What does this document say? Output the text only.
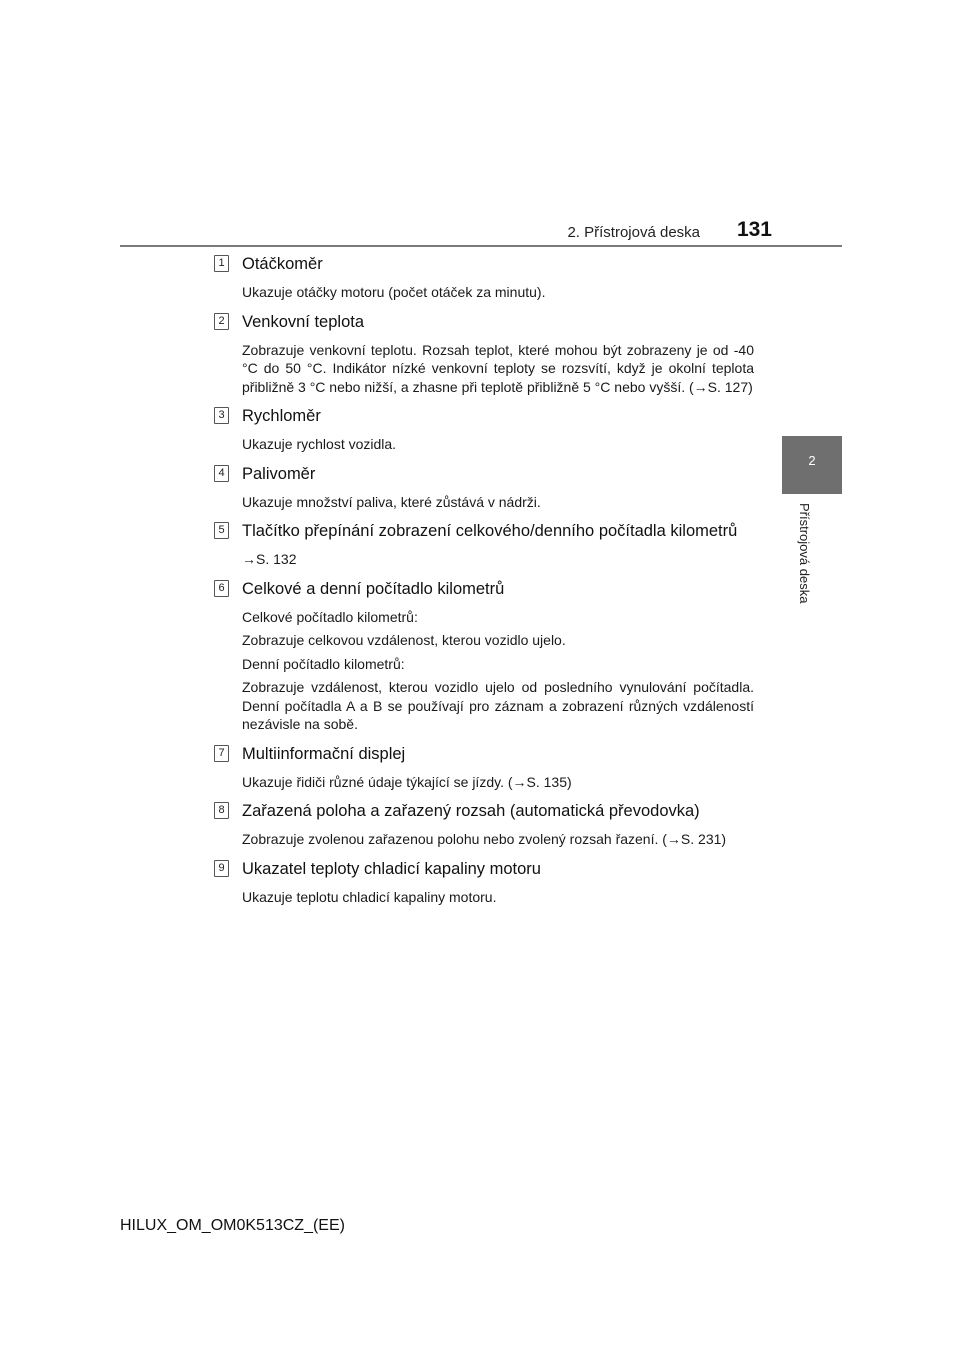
2. Přístrojová deska 131
2
Přístrojová deska
1 Otáčkoměr

Ukazuje otáčky motoru (počet otáček za minutu).

2 Venkovní teplota

Zobrazuje venkovní teplotu. Rozsah teplot, které mohou být zobrazeny je od -40 °C do 50 °C. Indikátor nízké venkovní teploty se rozsvítí, když je okolní teplota přibližně 3 °C nebo nižší, a zhasne při teplotě přibližně 5 °C nebo vyšší. (→S. 127)

3 Rychloměr

Ukazuje rychlost vozidla.

4 Palivoměr

Ukazuje množství paliva, které zůstává v nádrži.

5 Tlačítko přepínání zobrazení celkového/denního počítadla kilometrů

→S. 132

6 Celkové a denní počítadlo kilometrů

Celkové počítadlo kilometrů:

Zobrazuje celkovou vzdálenost, kterou vozidlo ujelo.

Denní počítadlo kilometrů:

Zobrazuje vzdálenost, kterou vozidlo ujelo od posledního vynulování počítadla. Denní počítadla A a B se používají pro záznam a zobrazení různých vzdáleností nezávisle na sobě.

7 Multiinformační displej

Ukazuje řidiči různé údaje týkající se jízdy. (→S. 135)

8 Zařazená poloha a zařazený rozsah (automatická převodovka)

Zobrazuje zvolenou zařazenou polohu nebo zvolený rozsah řazení. (→S. 231)

9 Ukazatel teploty chladicí kapaliny motoru

Ukazuje teplotu chladicí kapaliny motoru.

HILUX_OM_OM0K513CZ_(EE)
